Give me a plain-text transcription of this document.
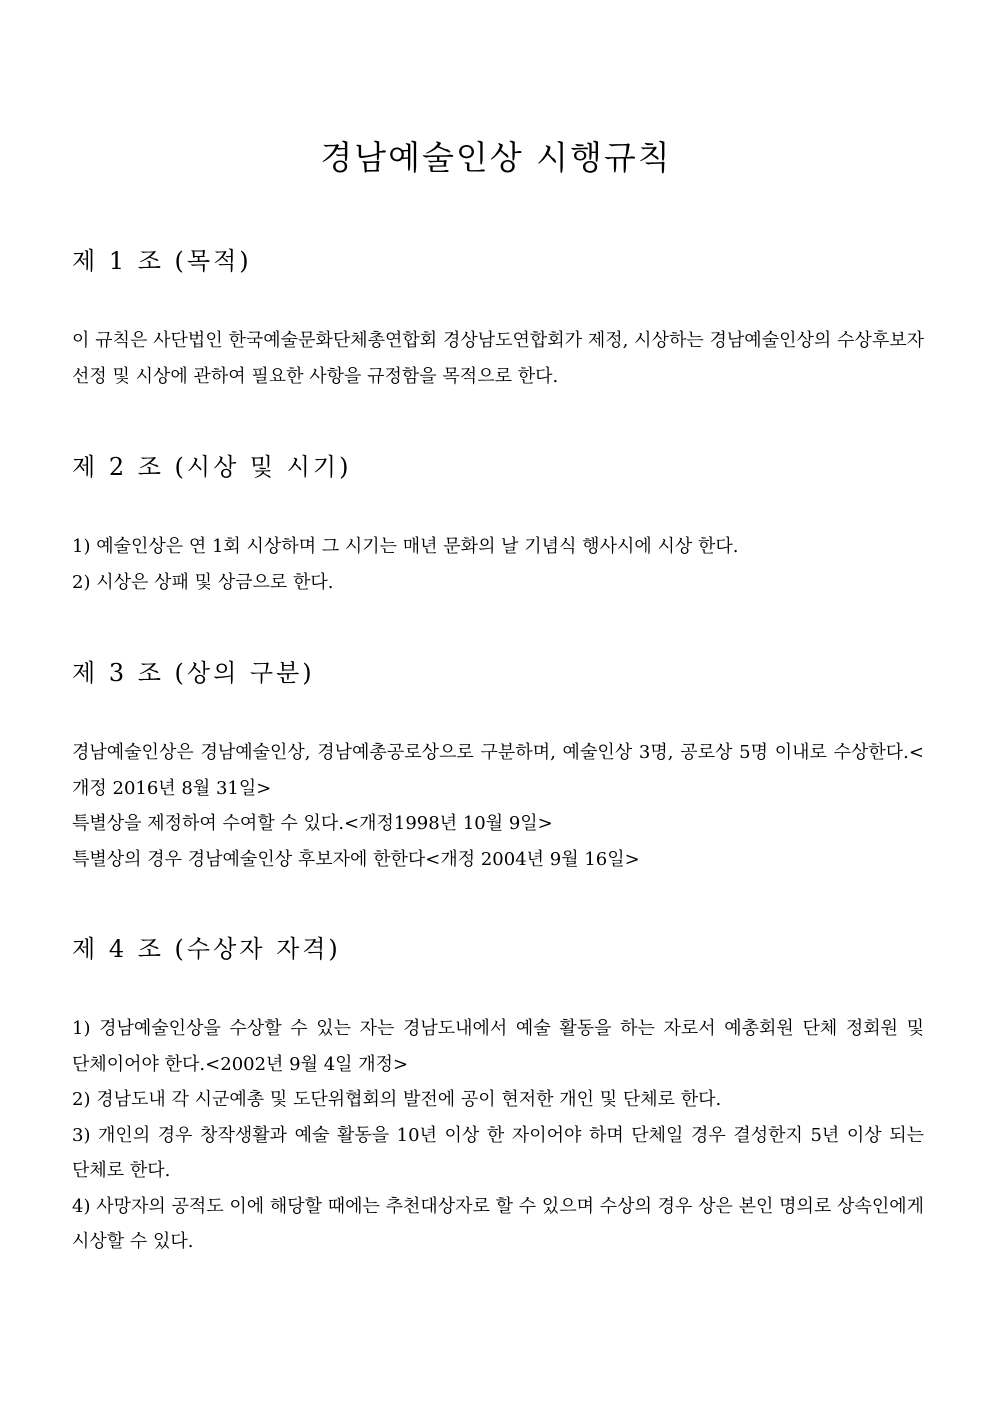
경남예술인상 시행규칙
제 1 조 (목적)

이 규칙은 사단법인 한국예술문화단체총연합회 경상남도연합회가 제정, 시상하는 경남예술인상의 수상후보자 선정 및 시상에 관하여 필요한 사항을 규정함을 목적으로 한다.

제 2 조 (시상 및 시기)

1) 예술인상은 연 1회 시상하며 그 시기는 매년 문화의 날 기념식 행사시에 시상 한다.

2) 시상은 상패 및 상금으로 한다.

제 3 조 (상의 구분)

경남예술인상은 경남예술인상, 경남예총공로상으로 구분하며, 예술인상 3명, 공로상 5명 이내로 수상한다.<개정 2016년 8월 31일>

특별상을 제정하여 수여할 수 있다.<개정1998년 10월 9일>

특별상의 경우 경남예술인상 후보자에 한한다<개정 2004년 9월 16일>

제 4 조 (수상자 자격)

1) 경남예술인상을 수상할 수 있는 자는 경남도내에서 예술 활동을 하는 자로서 예총회원 단체 정회원 및 단체이어야 한다.<2002년 9월 4일 개정>

2) 경남도내 각 시군예총 및 도단위협회의 발전에 공이 현저한 개인 및 단체로 한다.

3) 개인의 경우 창작생활과 예술 활동을 10년 이상 한 자이어야 하며 단체일 경우 결성한지 5년 이상 되는 단체로 한다.

4) 사망자의 공적도 이에 해당할 때에는 추천대상자로 할 수 있으며 수상의 경우 상은 본인 명의로 상속인에게 시상할 수 있다.
